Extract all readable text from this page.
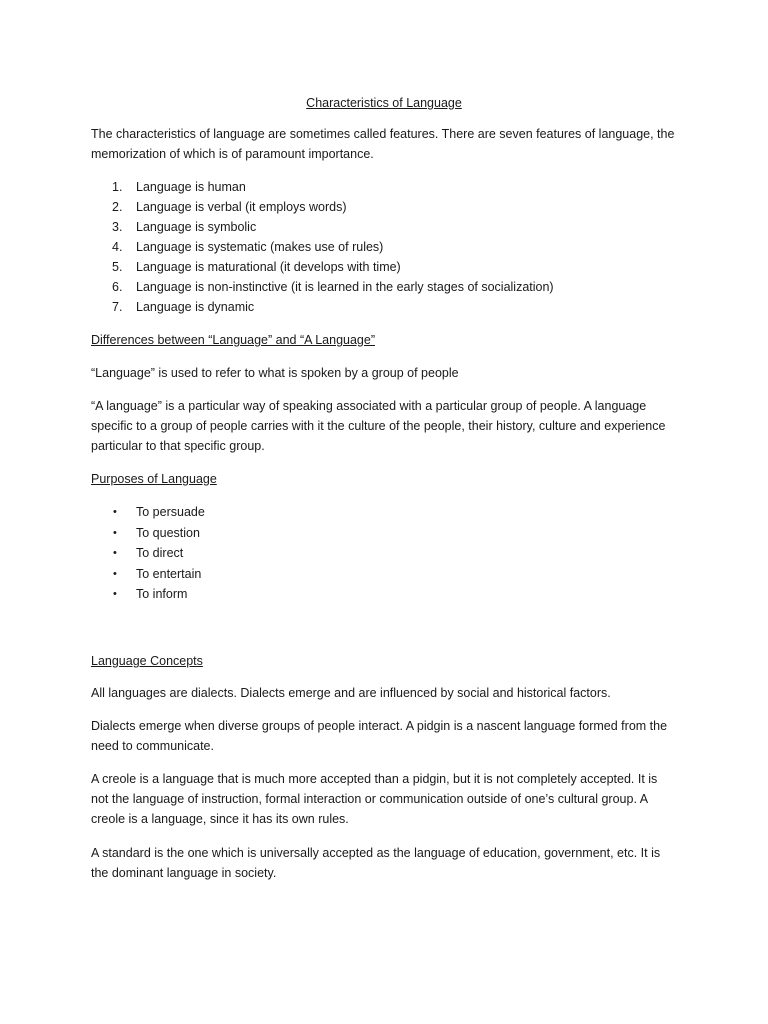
Characteristics of Language
The characteristics of language are sometimes called features. There are seven features of language, the memorization of which is of paramount importance.
1. Language is human
2. Language is verbal (it employs words)
3. Language is symbolic
4. Language is systematic (makes use of rules)
5. Language is maturational (it develops with time)
6. Language is non-instinctive (it is learned in the early stages of socialization)
7. Language is dynamic
Differences between “Language” and “A Language”
“Language” is used to refer to what is spoken by a group of people
“A language” is a particular way of speaking associated with a particular group of people. A language specific to a group of people carries with it the culture of the people, their history, culture and experience particular to that specific group.
Purposes of Language
• To persuade
• To question
• To direct
• To entertain
• To inform
Language Concepts
All languages are dialects. Dialects emerge and are influenced by social and historical factors.
Dialects emerge when diverse groups of people interact. A pidgin is a nascent language formed from the need to communicate.
A creole is a language that is much more accepted than a pidgin, but it is not completely accepted. It is not the language of instruction, formal interaction or communication outside of one’s cultural group. A creole is a language, since it has its own rules.
A standard is the one which is universally accepted as the language of education, government, etc. It is the dominant language in society.
